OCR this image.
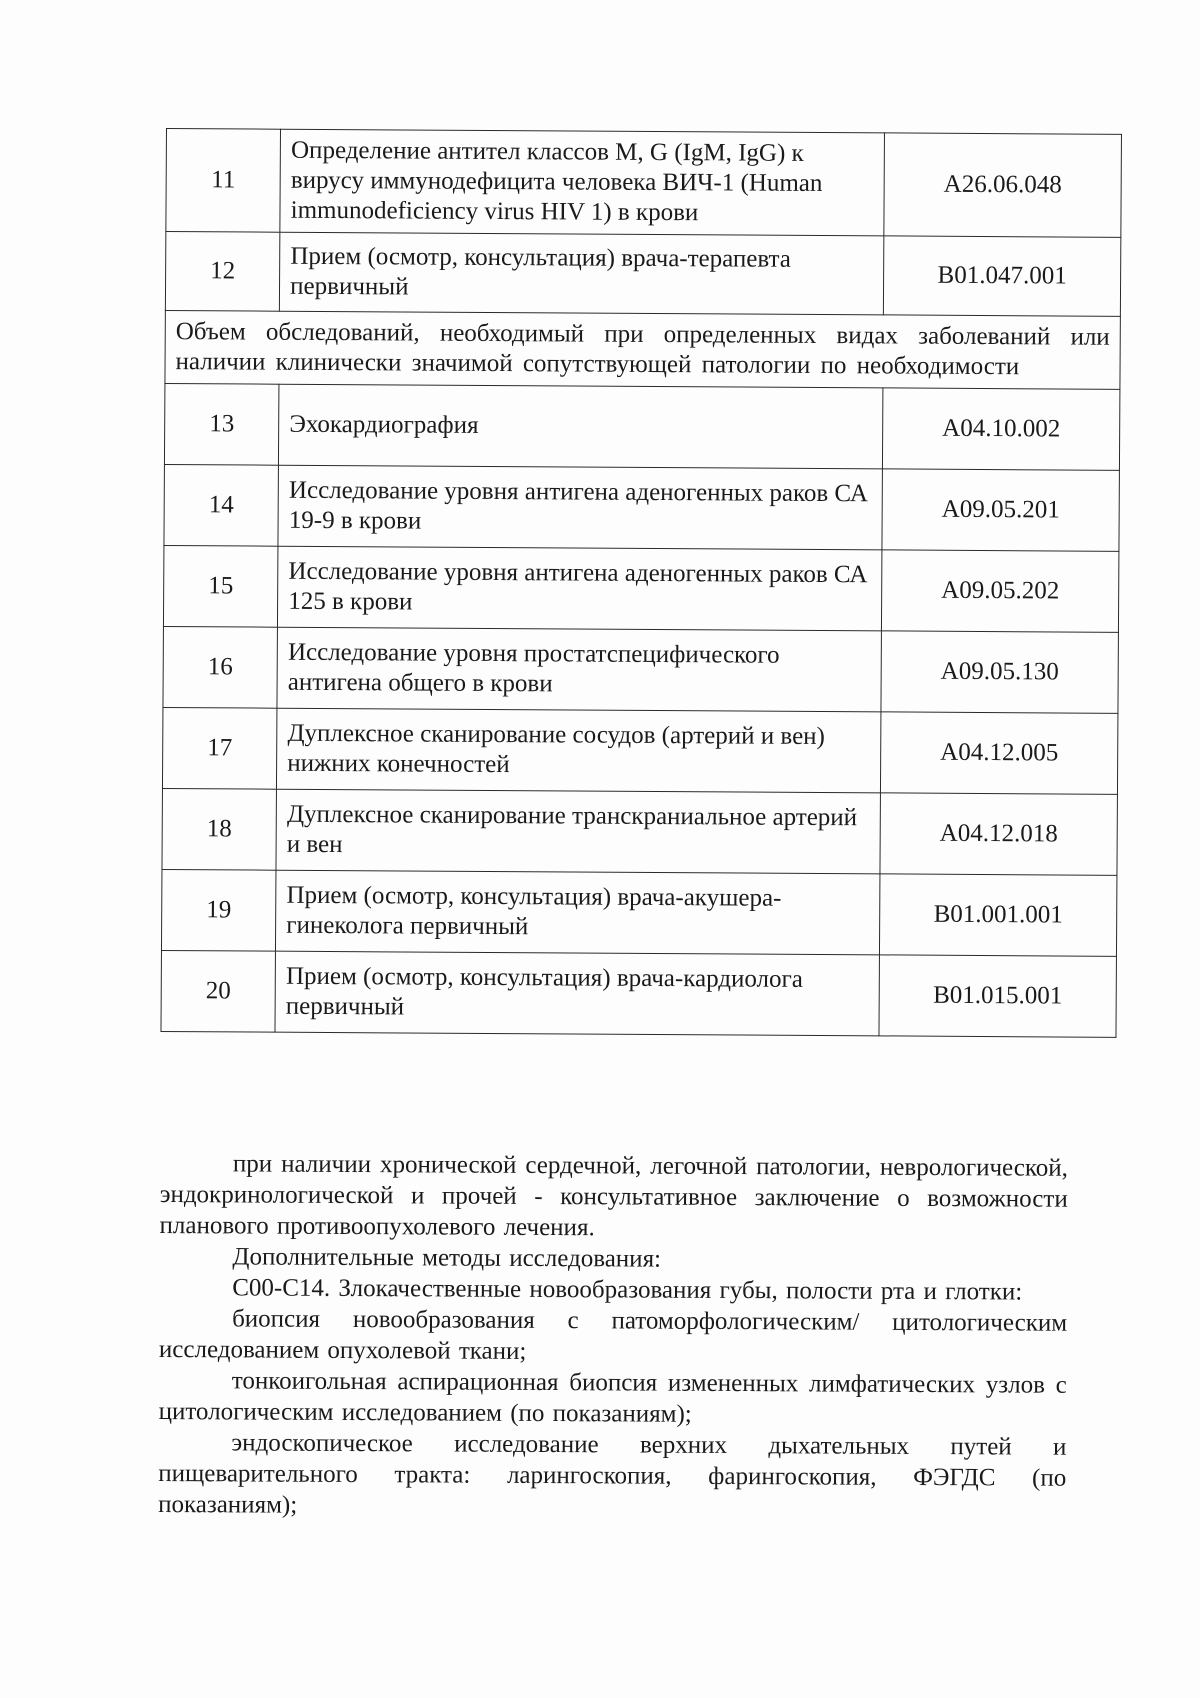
11	Определение антител классов M, G (IgM, IgG) к вирусу иммунодефицита человека ВИЧ-1 (Human immunodeficiency virus HIV 1) в крови	A26.06.048
12	Прием (осмотр, консультация) врача-терапевта первичный	B01.047.001
Объем обследований, необходимый при определенных видах заболеваний или наличии клинически значимой сопутствующей патологии по необходимости		
13	Эхокардиография	A04.10.002
14	Исследование уровня антигена аденогенных раков СА 19-9 в крови	A09.05.201
15	Исследование уровня антигена аденогенных раков СА 125 в крови	A09.05.202
16	Исследование уровня простатспецифического антигена общего в крови	A09.05.130
17	Дуплексное сканирование сосудов (артерий и вен) нижних конечностей	A04.12.005
18	Дуплексное сканирование транскраниальное артерий и вен	A04.12.018
19	Прием (осмотр, консультация) врача-акушера-гинеколога первичный	B01.001.001
20	Прием (осмотр, консультация) врача-кардиолога первичный	B01.015.001

при наличии хронической сердечной, легочной патологии, неврологической, эндокринологической и прочей - консультативное заключение о возможности планового противоопухолевого лечения.

Дополнительные методы исследования:

С00-С14. Злокачественные новообразования губы, полости рта и глотки:

биопсия новообразования с патоморфологическим/ цитологическим исследованием опухолевой ткани;

тонкоигольная аспирационная биопсия измененных лимфатических узлов с цитологическим исследованием (по показаниям);

эндоскопическое исследование верхних дыхательных путей и пищеварительного тракта: ларингоскопия, фарингоскопия, ФЭГДС (по показаниям);
